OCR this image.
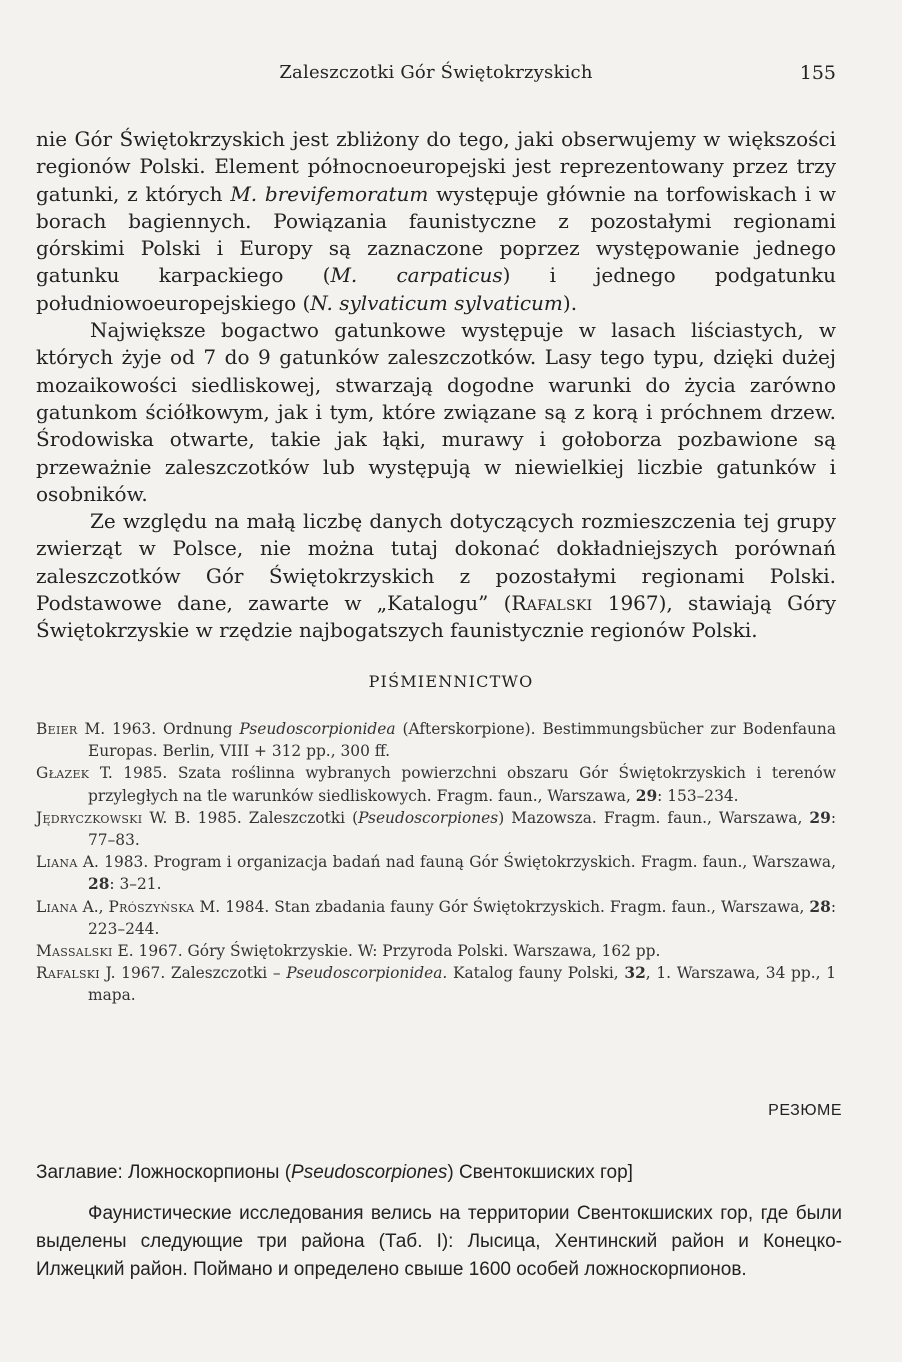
Zaleszczotki Gór Świętokrzyskich	155

nie Gór Świętokrzyskich jest zbliżony do tego, jaki obserwujemy w większości regionów Polski. Element północnoeuropejski jest reprezentowany przez trzy gatunki, z których M. brevifemoratum występuje głównie na torfowiskach i w borach bagiennych. Powiązania faunistyczne z pozostałymi regionami górskimi Polski i Europy są zaznaczone poprzez występowanie jednego gatunku karpackiego (M. carpaticus) i jednego podgatunku południowoeuropejskiego (N. sylvaticum sylvaticum).

Największe bogactwo gatunkowe występuje w lasach liściastych, w których żyje od 7 do 9 gatunków zaleszczotków. Lasy tego typu, dzięki dużej mozaikowości siedliskowej, stwarzają dogodne warunki do życia zarówno gatunkom ściółkowym, jak i tym, które związane są z korą i próchnem drzew. Środowiska otwarte, takie jak łąki, murawy i gołoborza pozbawione są przeważnie zaleszczotków lub występują w niewielkiej liczbie gatunków i osobników.

Ze względu na małą liczbę danych dotyczących rozmieszczenia tej grupy zwierząt w Polsce, nie można tutaj dokonać dokładniejszych porównań zaleszczotków Gór Świętokrzyskich z pozostałymi regionami Polski. Podstawowe dane, zawarte w „Katalogu” (Rafalski 1967), stawiają Góry Świętokrzyskie w rzędzie najbogatszych faunistycznie regionów Polski.

PIŚMIENNICTWO
Beier M. 1963. Ordnung Pseudoscorpionidea (Afterskorpione). Bestimmungsbücher zur Bodenfauna Europas. Berlin, VIII + 312 pp., 300 ff.
Głazek T. 1985. Szata roślinna wybranych powierzchni obszaru Gór Świętokrzyskich i terenów przyległych na tle warunków siedliskowych. Fragm. faun., Warszawa, 29: 153–234.
Jędryczkowski W. B. 1985. Zaleszczotki (Pseudoscorpiones) Mazowsza. Fragm. faun., Warszawa, 29: 77–83.
Liana A. 1983. Program i organizacja badań nad fauną Gór Świętokrzyskich. Fragm. faun., Warszawa, 28: 3–21.
Liana A., Prószyńska M. 1984. Stan zbadania fauny Gór Świętokrzyskich. Fragm. faun., Warszawa, 28: 223–244.
Massalski E. 1967. Góry Świętokrzyskie. W: Przyroda Polski. Warszawa, 162 pp.
Rafalski J. 1967. Zaleszczotki – Pseudoscorpionidea. Katalog fauny Polski, 32, 1. Warszawa, 34 pp., 1 mapa.
РЕЗЮМЕ
Заглавие: Ложноскорпионы (Pseudoscorpiones) Свентокшиских гор]
Фаунистические исследования велись на территории Свентокшиских гор, где были выделены следующие три района (Таб. I): Лысица, Хентинский район и Конецко-Илжецкий район. Поймано и определено свыше 1600 особей ложноскорпионов.
